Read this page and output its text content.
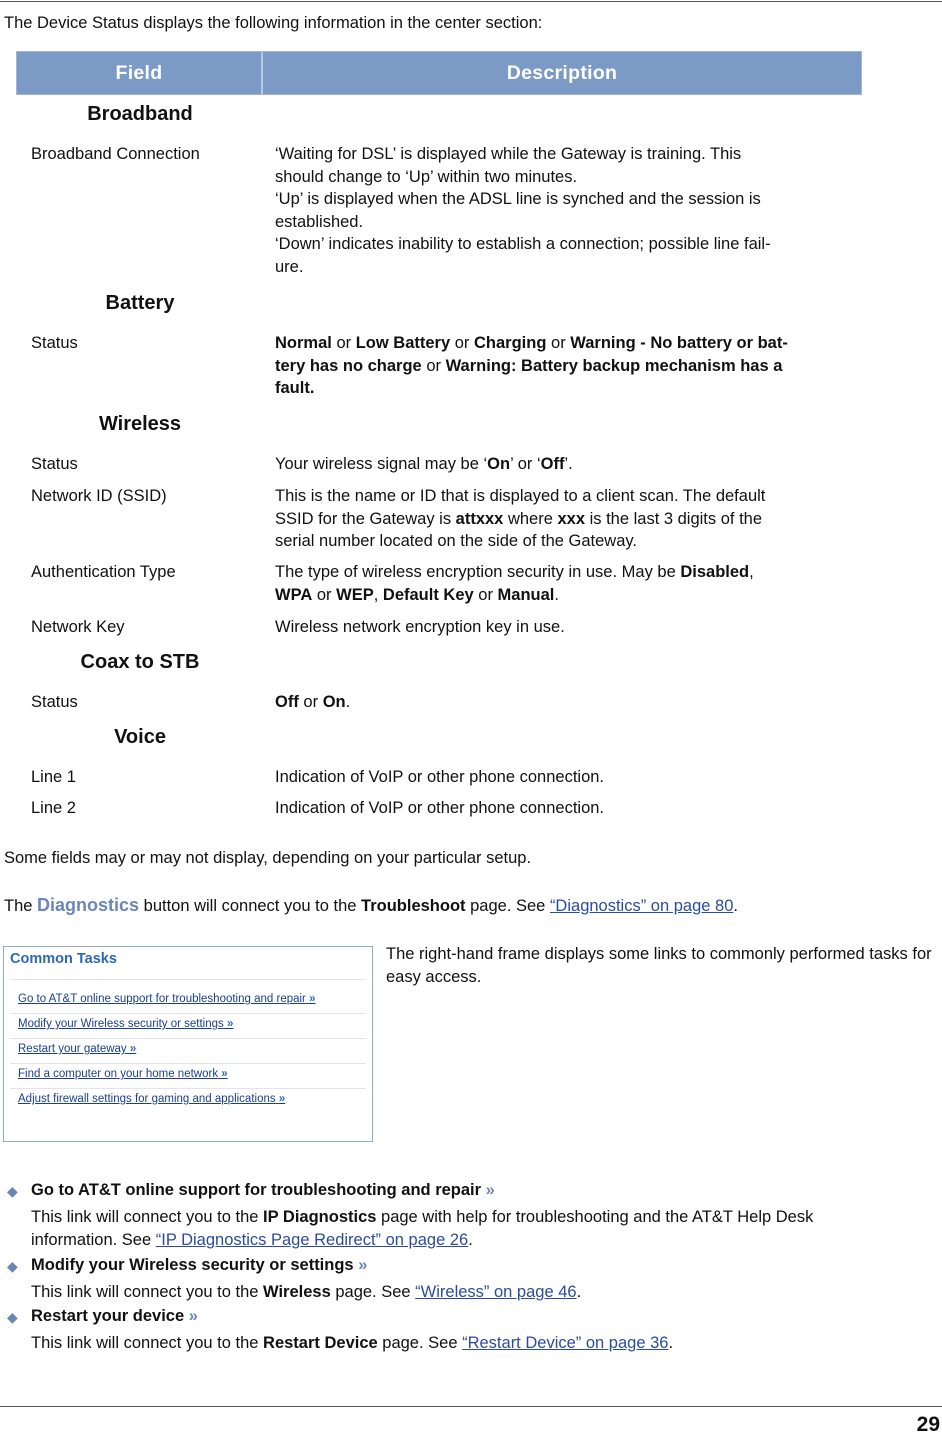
The Device Status displays the following information in the center section:
Field	Description
Broadband
Broadband Connection	‘Waiting for DSL’ is displayed while the Gateway is training. This
should change to ‘Up’ within two minutes.
‘Up’ is displayed when the ADSL line is synched and the session is
established.
‘Down’ indicates inability to establish a connection; possible line fail-
ure.
Battery
Status	Normal or Low Battery or Charging or Warning - No battery or bat-
tery has no charge or Warning: Battery backup mechanism has a
fault.
Wireless
Status	Your wireless signal may be ‘On’ or ‘Off’.
Network ID (SSID)	This is the name or ID that is displayed to a client scan. The default
SSID for the Gateway is attxxx where xxx is the last 3 digits of the
serial number located on the side of the Gateway.
Authentication Type	The type of wireless encryption security in use. May be Disabled,
WPA or WEP, Default Key or Manual.
Network Key	Wireless network encryption key in use.
Coax to STB
Status	Off or On.
Voice
Line 1	Indication of VoIP or other phone connection.
Line 2	Indication of VoIP or other phone connection.
Some fields may or may not display, depending on your particular setup.
The Diagnostics button will connect you to the Troubleshoot page. See “Diagnostics” on page 80.
Common Tasks
Go to AT&T online support for troubleshooting and repair »
Modify your Wireless security or settings »
Restart your gateway »
Find a computer on your home network »
Adjust firewall settings for gaming and applications »
The right-hand frame displays some links to commonly performed tasks for easy access.
◆ Go to AT&T online support for troubleshooting and repair »
This link will connect you to the IP Diagnostics page with help for troubleshooting and the AT&T Help Desk
information. See “IP Diagnostics Page Redirect” on page 26.
◆ Modify your Wireless security or settings »
This link will connect you to the Wireless page. See “Wireless” on page 46.
◆ Restart your device »
This link will connect you to the Restart Device page. See “Restart Device” on page 36.
29
